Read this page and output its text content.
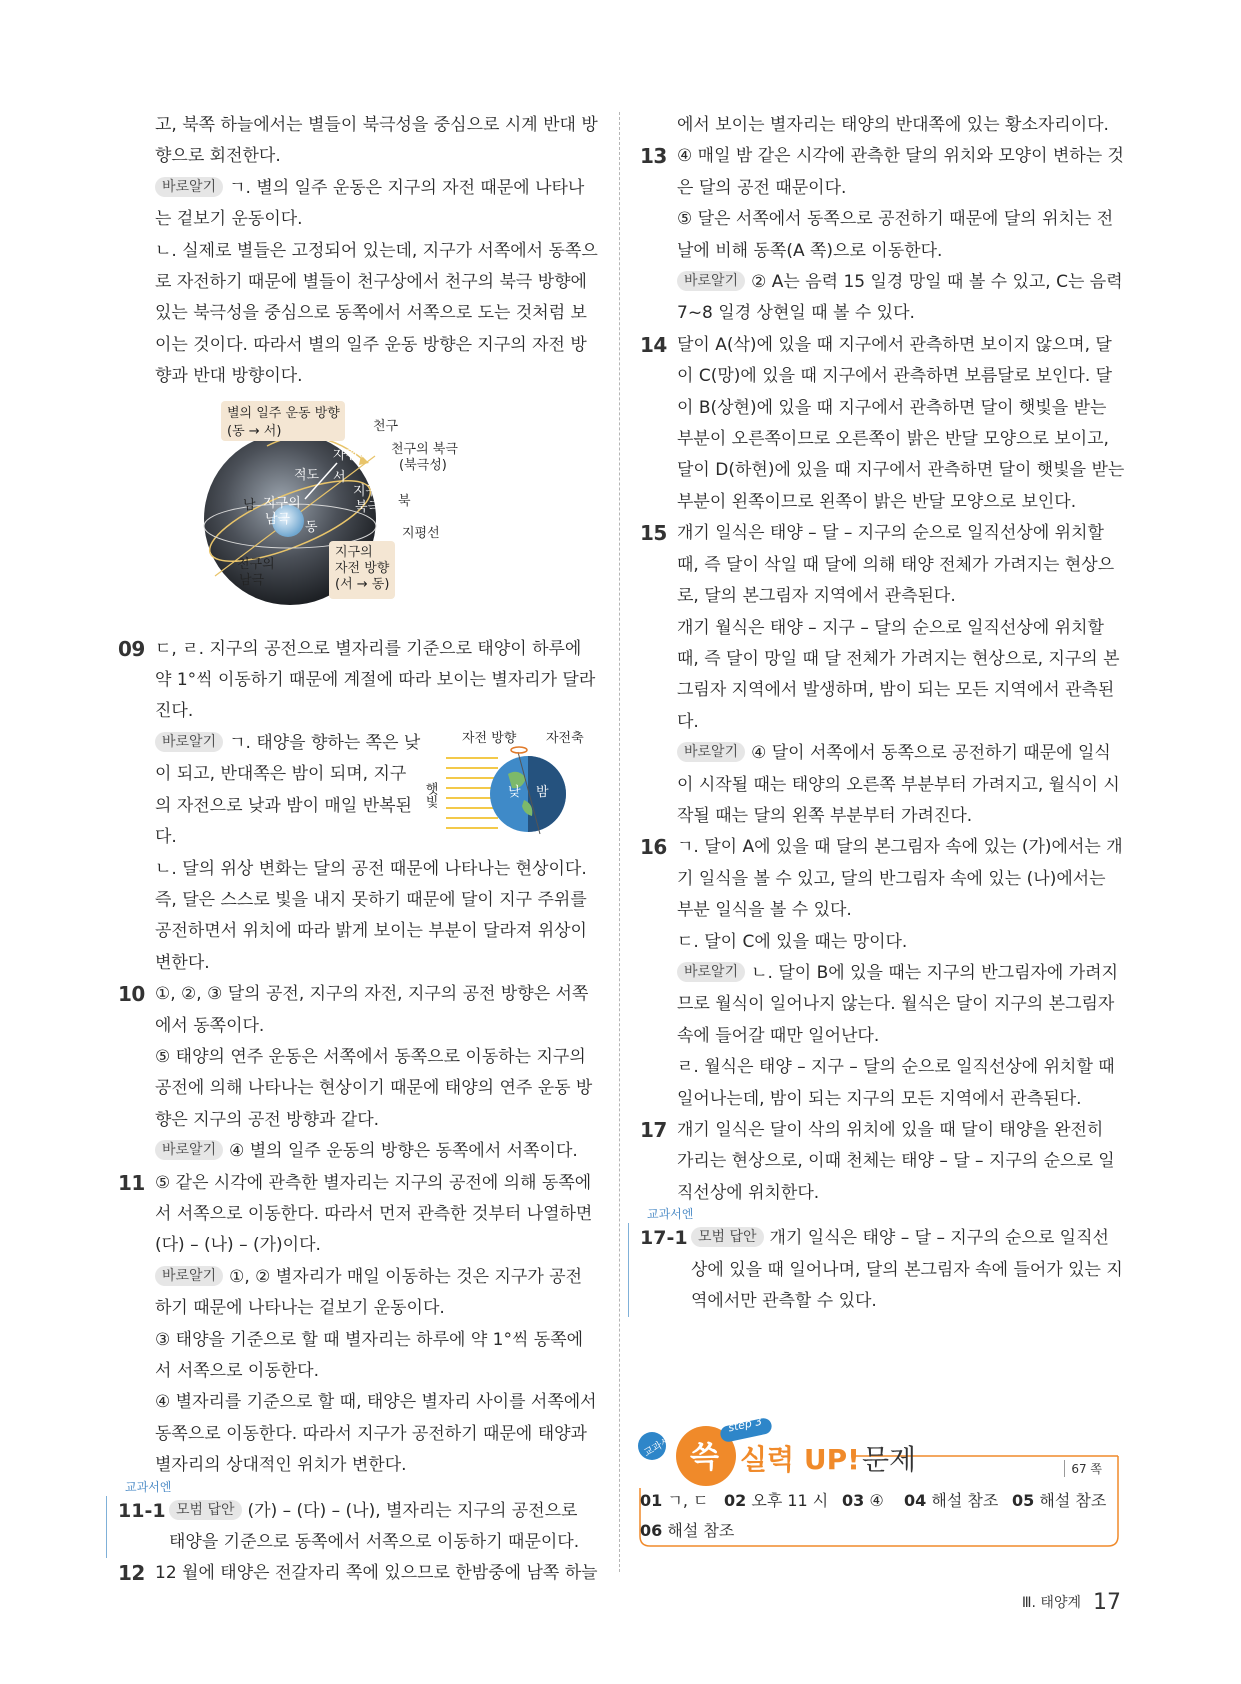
고, 북쪽 하늘에서는 별들이 북극성을 중심으로 시계 반대 방향으로 회전한다.

바로알기 ㄱ. 별의 일주 운동은 지구의 자전 때문에 나타나는 겉보기 운동이다.

ㄴ. 실제로 별들은 고정되어 있는데, 지구가 서쪽에서 동쪽으로 자전하기 때문에 별들이 천구상에서 천구의 북극 방향에 있는 북극성을 중심으로 동쪽에서 서쪽으로 도는 것처럼 보이는 것이다. 따라서 별의 일주 운동 방향은 지구의 자전 방향과 반대 방향이다.

별의 일주 운동 방향
(동 → 서)	천구
자전축 천구의 북극
(북극성)
적도 서
남 지구의
남극
지구의
북극 북
동	지평선
천구의
남극
지구의
자전 방향
(서 → 동)
09 ㄷ, ㄹ. 지구의 공전으로 별자리를 기준으로 태양이 하루에 약 1°씩 이동하기 때문에 계절에 따라 보이는 별자리가 달라진다.

햇빛
자전 방향 자전축
낮 밤

바로알기 ㄱ. 태양을 향하는 쪽은 낮이 되고, 반대쪽은 밤이 되며, 지구의 자전으로 낮과 밤이 매일 반복된다.

ㄴ. 달의 위상 변화는 달의 공전 때문에 나타나는 현상이다. 즉, 달은 스스로 빛을 내지 못하기 때문에 달이 지구 주위를 공전하면서 위치에 따라 밝게 보이는 부분이 달라져 위상이 변한다.

10 ①, ②, ③ 달의 공전, 지구의 자전, 지구의 공전 방향은 서쪽에서 동쪽이다.

⑤ 태양의 연주 운동은 서쪽에서 동쪽으로 이동하는 지구의 공전에 의해 나타나는 현상이기 때문에 태양의 연주 운동 방향은 지구의 공전 방향과 같다.

바로알기 ④ 별의 일주 운동의 방향은 동쪽에서 서쪽이다.

11 ⑤ 같은 시각에 관측한 별자리는 지구의 공전에 의해 동쪽에서 서쪽으로 이동한다. 따라서 먼저 관측한 것부터 나열하면 (다) – (나) – (가)이다.

바로알기 ①, ② 별자리가 매일 이동하는 것은 지구가 공전하기 때문에 나타나는 겉보기 운동이다.

③ 태양을 기준으로 할 때 별자리는 하루에 약 1°씩 동쪽에서 서쪽으로 이동한다.

④ 별자리를 기준으로 할 때, 태양은 별자리 사이를 서쪽에서 동쪽으로 이동한다. 따라서 지구가 공전하기 때문에 태양과 별자리의 상대적인 위치가 변한다.

교과서엔
11-1 모범 답안 (가) – (다) – (나), 별자리는 지구의 공전으로 태양을 기준으로 동쪽에서 서쪽으로 이동하기 때문이다.

12 12 월에 태양은 전갈자리 쪽에 있으므로 한밤중에 남쪽 하늘

에서 보이는 별자리는 태양의 반대쪽에 있는 황소자리이다.

13 ④ 매일 밤 같은 시각에 관측한 달의 위치와 모양이 변하는 것은 달의 공전 때문이다.

⑤ 달은 서쪽에서 동쪽으로 공전하기 때문에 달의 위치는 전날에 비해 동쪽(A 쪽)으로 이동한다.

바로알기 ② A는 음력 15 일경 망일 때 볼 수 있고, C는 음력 7~8 일경 상현일 때 볼 수 있다.

14 달이 A(삭)에 있을 때 지구에서 관측하면 보이지 않으며, 달이 C(망)에 있을 때 지구에서 관측하면 보름달로 보인다. 달이 B(상현)에 있을 때 지구에서 관측하면 달이 햇빛을 받는 부분이 오른쪽이므로 오른쪽이 밝은 반달 모양으로 보이고, 달이 D(하현)에 있을 때 지구에서 관측하면 달이 햇빛을 받는 부분이 왼쪽이므로 왼쪽이 밝은 반달 모양으로 보인다.

15 개기 일식은 태양 – 달 – 지구의 순으로 일직선상에 위치할 때, 즉 달이 삭일 때 달에 의해 태양 전체가 가려지는 현상으로, 달의 본그림자 지역에서 관측된다.

개기 월식은 태양 – 지구 – 달의 순으로 일직선상에 위치할 때, 즉 달이 망일 때 달 전체가 가려지는 현상으로, 지구의 본그림자 지역에서 발생하며, 밤이 되는 모든 지역에서 관측된다.

바로알기 ④ 달이 서쪽에서 동쪽으로 공전하기 때문에 일식이 시작될 때는 태양의 오른쪽 부분부터 가려지고, 월식이 시작될 때는 달의 왼쪽 부분부터 가려진다.

16 ㄱ. 달이 A에 있을 때 달의 본그림자 속에 있는 (가)에서는 개기 일식을 볼 수 있고, 달의 반그림자 속에 있는 (나)에서는 부분 일식을 볼 수 있다.

ㄷ. 달이 C에 있을 때는 망이다.

바로알기 ㄴ. 달이 B에 있을 때는 지구의 반그림자에 가려지므로 월식이 일어나지 않는다. 월식은 달이 지구의 본그림자 속에 들어갈 때만 일어난다.

ㄹ. 월식은 태양 – 지구 – 달의 순으로 일직선상에 위치할 때 일어나는데, 밤이 되는 지구의 모든 지역에서 관측된다.

17 개기 일식은 달이 삭의 위치에 있을 때 달이 태양을 완전히 가리는 현상으로, 이때 천체는 태양 – 달 – 지구의 순으로 일직선상에 위치한다.

교과서엔
17-1 모범 답안 개기 일식은 태양 – 달 – 지구의 순으로 일직선상에 있을 때 일어나며, 달의 본그림자 속에 들어가 있는 지역에서만 관측할 수 있다.

교과서 쓱
step 3
실력 UP! 문제	67 쪽
01 ㄱ, ㄷ 02 오후 11 시 03 ④ 04 해설 참조 05 해설 참조
06 해설 참조
Ⅲ. 태양계 17
